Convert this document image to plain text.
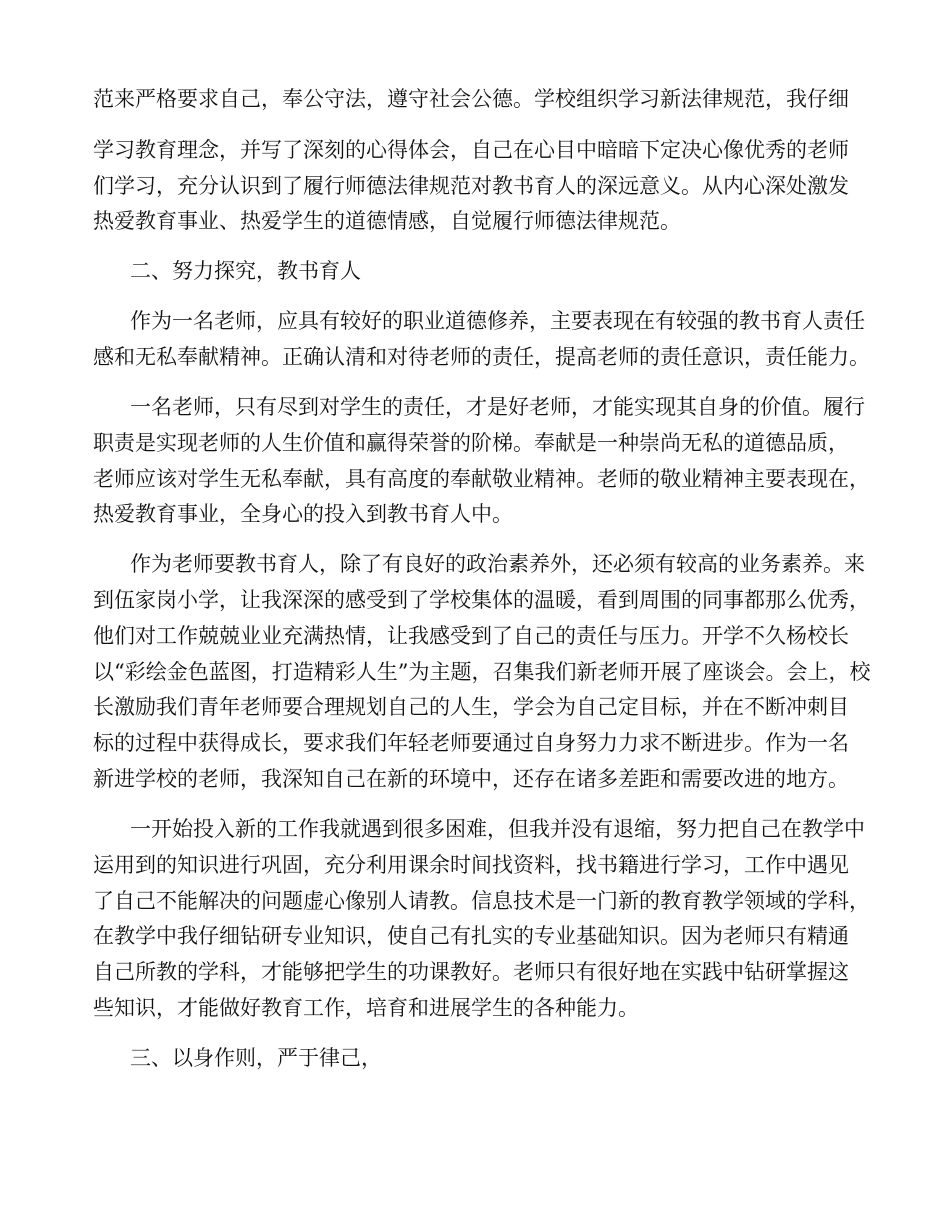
范来严格要求自己，奉公守法，遵守社会公德。学校组织学习新法律规范，我仔细
学习教育理念，并写了深刻的心得体会，自己在心目中暗暗下定决心像优秀的老师
们学习，充分认识到了履行师德法律规范对教书育人的深远意义。从内心深处激发
热爱教育事业、热爱学生的道德情感，自觉履行师德法律规范。
二、努力探究，教书育人
作为一名老师，应具有较好的职业道德修养，主要表现在有较强的教书育人责任
感和无私奉献精神。正确认清和对待老师的责任，提高老师的责任意识，责任能力。
一名老师，只有尽到对学生的责任，才是好老师，才能实现其自身的价值。履行
职责是实现老师的人生价值和赢得荣誉的阶梯。奉献是一种崇尚无私的道德品质，
老师应该对学生无私奉献，具有高度的奉献敬业精神。老师的敬业精神主要表现在，
热爱教育事业，全身心的投入到教书育人中。
作为老师要教书育人，除了有良好的政治素养外，还必须有较高的业务素养。来
到伍家岗小学，让我深深的感受到了学校集体的温暖，看到周围的同事都那么优秀，
他们对工作兢兢业业充满热情，让我感受到了自己的责任与压力。开学不久杨校长
以“彩绘金色蓝图，打造精彩人生”为主题，召集我们新老师开展了座谈会。会上，校
长激励我们青年老师要合理规划自己的人生，学会为自己定目标，并在不断冲刺目
标的过程中获得成长，要求我们年轻老师要通过自身努力力求不断进步。作为一名
新进学校的老师，我深知自己在新的环境中，还存在诸多差距和需要改进的地方。
一开始投入新的工作我就遇到很多困难，但我并没有退缩，努力把自己在教学中
运用到的知识进行巩固，充分利用课余时间找资料，找书籍进行学习，工作中遇见
了自己不能解决的问题虚心像别人请教。信息技术是一门新的教育教学领域的学科，
在教学中我仔细钻研专业知识，使自己有扎实的专业基础知识。因为老师只有精通
自己所教的学科，才能够把学生的功课教好。老师只有很好地在实践中钻研掌握这
些知识，才能做好教育工作，培育和进展学生的各种能力。
三、以身作则，严于律己，
